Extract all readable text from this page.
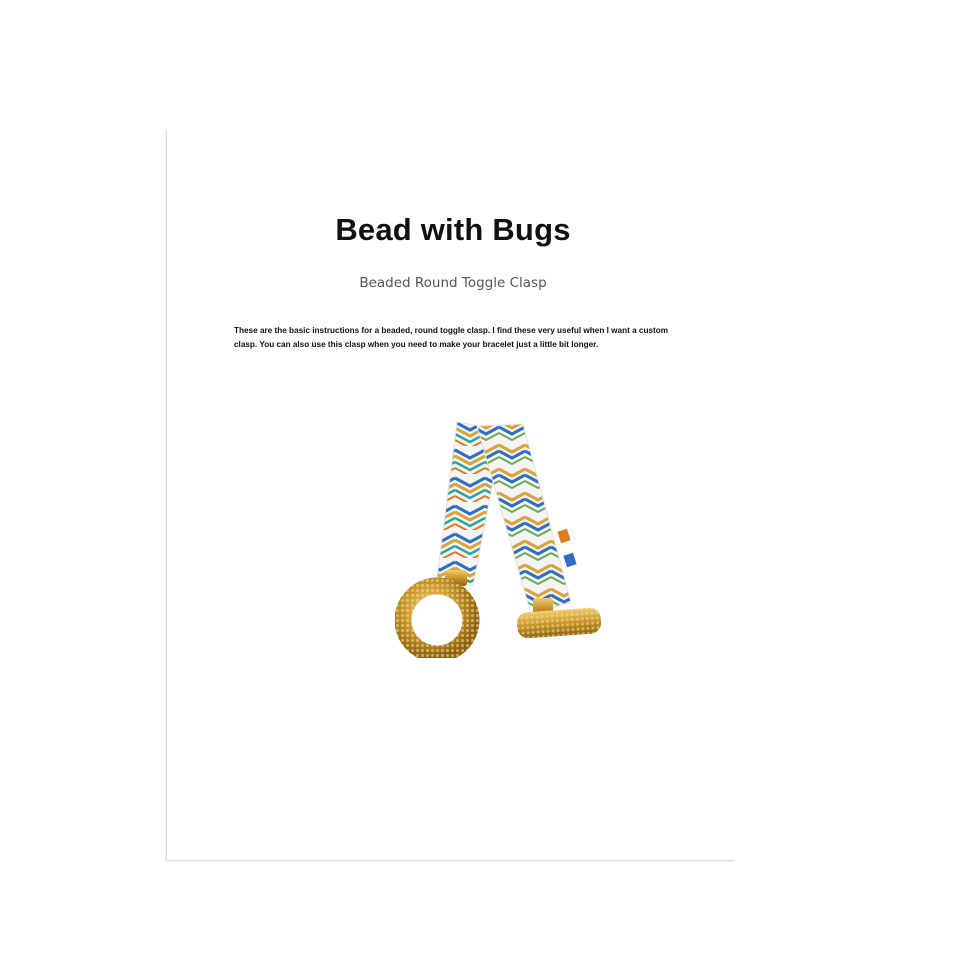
Bead with Bugs
Beaded Round Toggle Clasp
These are the basic instructions for a beaded, round toggle clasp. I find these very useful when I want a custom clasp. You can also use this clasp when you need to make your bracelet just a little bit longer.
